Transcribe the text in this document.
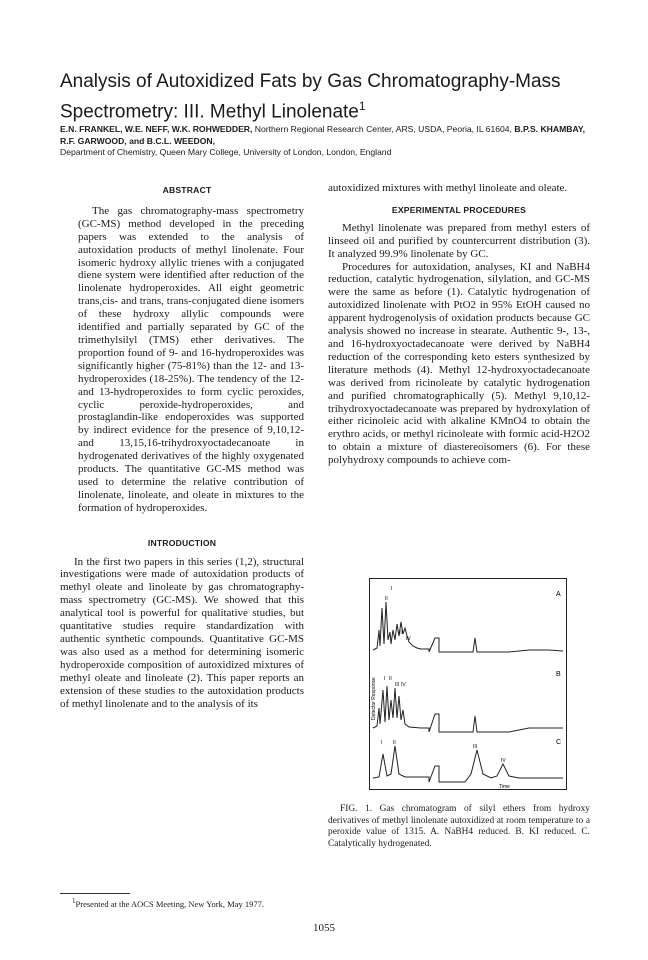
Analysis of Autoxidized Fats by Gas Chromatography-Mass Spectrometry: III. Methyl Linolenate$^1$
E.N. FRANKEL, W.E. NEFF, W.K. ROHWEDDER, Northern Regional Research Center, ARS, USDA, Peoria, IL 61604, B.P.S. KHAMBAY, R.F. GARWOOD, and B.C.L. WEEDON,
Department of Chemistry, Queen Mary College, University of London, London, England
ABSTRACT

The gas chromatography-mass spectrometry (GC-MS) method developed in the preceding papers was extended to the analysis of autoxidation products of methyl linolenate. Four isomeric hydroxy allylic trienes with a conjugated diene system were identified after reduction of the linolenate hydroperoxides. All eight geometric trans,cis- and trans, trans-conjugated diene isomers of these hydroxy allylic compounds were identified and partially separated by GC of the trimethylsilyl (TMS) ether derivatives. The proportion found of 9- and 16-hydroperoxides was significantly higher (75-81%) than the 12- and 13-hydroperoxides (18-25%). The tendency of the 12- and 13-hydroperoxides to form cyclic peroxides, cyclic peroxide-hydroperoxides, and prostaglandin-like endoperoxides was supported by indirect evidence for the presence of 9,10,12- and 13,15,16-trihydroxyoctadecanoate in hydrogenated derivatives of the highly oxygenated products. The quantitative GC-MS method was used to determine the relative contribution of linolenate, linoleate, and oleate in mixtures to the formation of hydroperoxides.

INTRODUCTION

In the first two papers in this series (1,2), structural investigations were made of autoxidation products of methyl oleate and linoleate by gas chromatography-mass spectrometry (GC-MS). We showed that this analytical tool is powerful for qualitative studies, but quantitative studies require standardization with authentic synthetic compounds. Quantitative GC-MS was also used as a method for determining isomeric hydroperoxide composition of autoxidized mixtures of methyl oleate and linoleate (2). This paper reports an extension of these studies to the autoxidation products of methyl linolenate and to the analysis of its

autoxidized mixtures with methyl linoleate and oleate.

EXPERIMENTAL PROCEDURES

Methyl linolenate was prepared from methyl esters of linseed oil and purified by countercurrent distribution (3). It analyzed 99.9% linolenate by GC.

Procedures for autoxidation, analyses, KI and NaBH4 reduction, catalytic hydrogenation, silylation, and GC-MS were the same as before (1). Catalytic hydrogenation of autoxidized linolenate with PtO2 in 95% EtOH caused no apparent hydrogenolysis of oxidation products because GC analysis showed no increase in stearate. Authentic 9-, 13-, and 16-hydroxyoctadecanoate were derived by NaBH4 reduction of the corresponding keto esters synthesized by literature methods (4). Methyl 12-hydroxyoctadecanoate was derived from ricinoleate by catalytic hydrogenation and purified chromatographically (5). Methyl 9,10,12-trihydroxyoctadecanoate was prepared by hydroxylation of either ricinoleic acid with alkaline KMnO4 to obtain the erythro acids, or methyl ricinoleate with formic acid-H2O2 to obtain a mixture of diastereoisomers (6). For these polyhydroxy compounds to achieve com-

A
I
II
III
IV
B
I II
III IV
C
I II
III
IV
Detector Response
Time
FIG. 1. Gas chromatogram of silyl ethers from hydroxy derivatives of methyl linolenate autoxidized at room temperature to a peroxide value of 1315. A. NaBH4 reduced. B. KI reduced. C. Catalytically hydrogenated.
$^1$Presented at the AOCS Meeting, New York, May 1977.
1055
